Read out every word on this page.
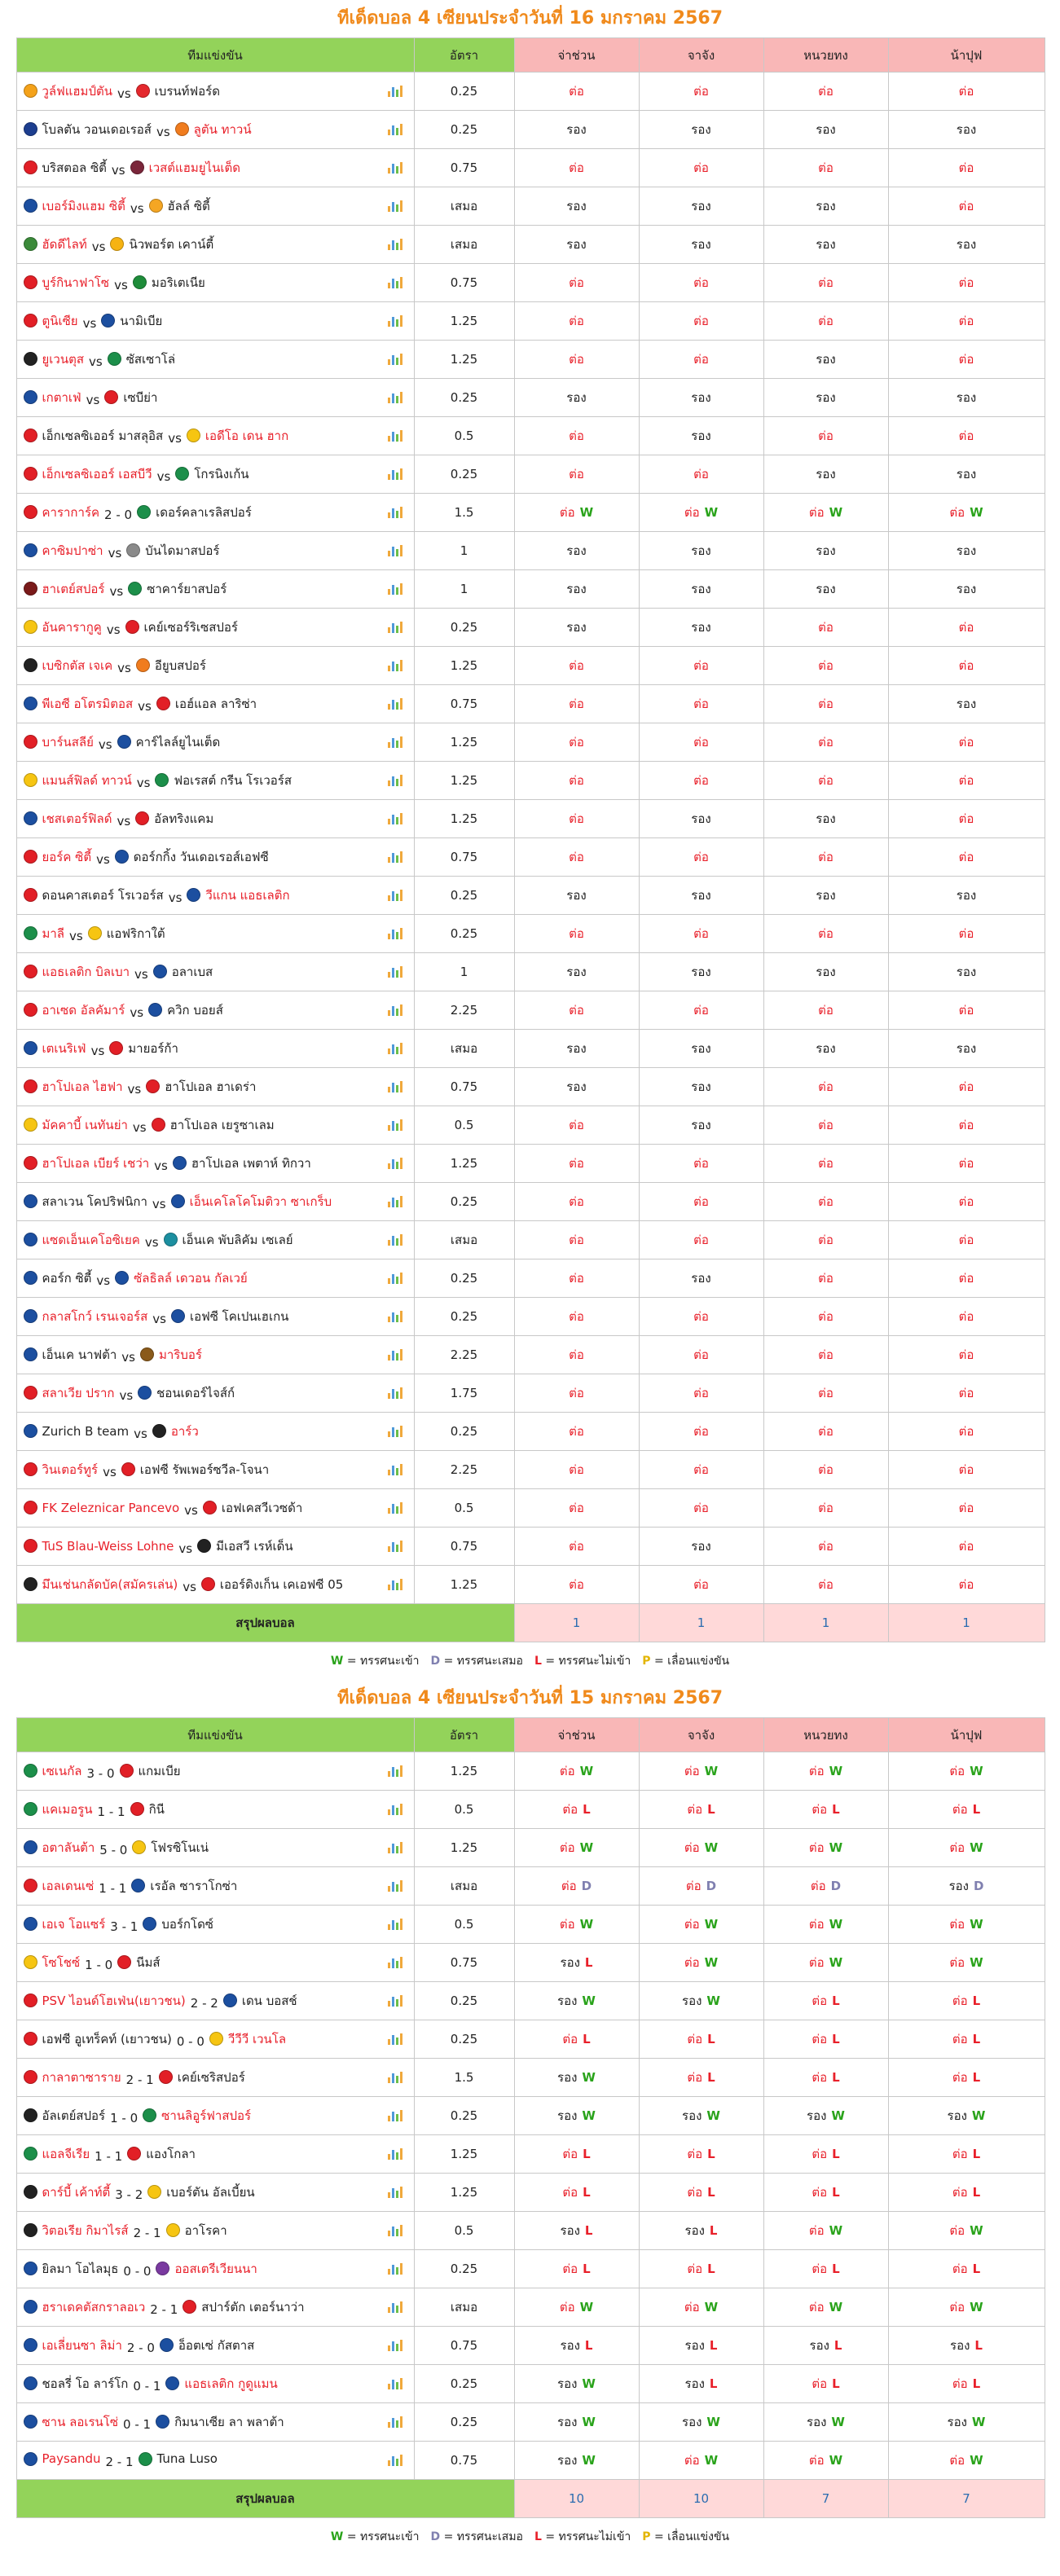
ทีเด็ดบอล 4 เซียนประจำวันที่ 16 มกราคม 2567
ทีมแข่งขัน	อัตรา	จ่าช่วน	จาจัง	หนวยทง	น้าปุฟ

วูล์ฟแฮมป์ตัน vs เบรนท์ฟอร์ด	0.25	ต่อ	ต่อ	ต่อ	ต่อ

โบลตัน วอนเดอเรอส์ vs ลูตัน ทาวน์	0.25	รอง	รอง	รอง	รอง

บริสตอล ซิตี้ vs เวสต์แฮมยูไนเต็ด	0.75	ต่อ	ต่อ	ต่อ	ต่อ

เบอร์มิงแฮม ซิตี้ vs ฮัลล์ ซิตี้	เสมอ	รอง	รอง	รอง	ต่อ

ฮัดดีไลท์ vs นิวพอร์ต เคาน์ตี้	เสมอ	รอง	รอง	รอง	รอง

บูร์กินาฟาโซ vs มอริเตเนีย	0.75	ต่อ	ต่อ	ต่อ	ต่อ

ตูนิเซีย vs นามิเบีย	1.25	ต่อ	ต่อ	ต่อ	ต่อ

ยูเวนตุส vs ซัสเซาโล่	1.25	ต่อ	ต่อ	รอง	ต่อ

เกตาเฟ่ vs เซบีย่า	0.25	รอง	รอง	รอง	รอง

เอ็กเซลซิเออร์ มาสลุอิส vs เอดีโอ เดน ฮาก	0.5	ต่อ	รอง	ต่อ	ต่อ

เอ็กเซลซิเออร์ เอสบีวี vs โกรนิงเก้น	0.25	ต่อ	ต่อ	รอง	รอง

คาราการ์ค 2 - 0 เดอร์คลาเรลิสปอร์	1.5	ต่อ W	ต่อ W	ต่อ W	ต่อ W

คาซิมปาซ่า vs บันไดมาสปอร์	1	รอง	รอง	รอง	รอง

ฮาเตย์สปอร์ vs ซาคาร์ยาสปอร์	1	รอง	รอง	รอง	รอง

อันคารากูคู vs เคย์เซอร์ริเซสปอร์	0.25	รอง	รอง	ต่อ	ต่อ

เบซิกตัส เจเค vs อียูบสปอร์	1.25	ต่อ	ต่อ	ต่อ	ต่อ

พีเอซี อโตรมิตอส vs เอฮ์แอล ลาริซ่า	0.75	ต่อ	ต่อ	ต่อ	รอง

บาร์นสลีย์ vs คาร์ไลล์ยูไนเต็ด	1.25	ต่อ	ต่อ	ต่อ	ต่อ

แมนส์ฟิลด์ ทาวน์ vs ฟอเรสต์ กรีน โรเวอร์ส	1.25	ต่อ	ต่อ	ต่อ	ต่อ

เชสเตอร์ฟิลด์ vs อัลทริงแคม	1.25	ต่อ	รอง	รอง	ต่อ

ยอร์ค ซิตี้ vs ดอร์กกิ้ง วันเดอเรอส์เอฟซี	0.75	ต่อ	ต่อ	ต่อ	ต่อ

ดอนคาสเตอร์ โรเวอร์ส vs วีแกน แอธเลติก	0.25	รอง	รอง	รอง	รอง

มาลี vs แอฟริกาใต้	0.25	ต่อ	ต่อ	ต่อ	ต่อ

แอธเลติก บิลเบา vs อลาเบส	1	รอง	รอง	รอง	รอง

อาเซด อัลคัมาร์ vs ควิก บอยส์	2.25	ต่อ	ต่อ	ต่อ	ต่อ

เตเนริเฟ่ vs มายอร์ก้า	เสมอ	รอง	รอง	รอง	รอง

ฮาโปเอล ไฮฟา vs ฮาโปเอล ฮาเดร่า	0.75	รอง	รอง	ต่อ	ต่อ

มัคคาบี้ เนทันย่า vs ฮาโปเอล เยรูซาเลม	0.5	ต่อ	รอง	ต่อ	ต่อ

ฮาโปเอล เบียร์ เชว่า vs ฮาโปเอล เพตาห์ ทิกวา	1.25	ต่อ	ต่อ	ต่อ	ต่อ

สลาเวน โคปริฟนิกา vs เอ็นเคโลโคโมติวา ซาเกร็บ	0.25	ต่อ	ต่อ	ต่อ	ต่อ

แซดเอ็นเคโอซิเยค vs เอ็นเค พับลิคัม เซเลย์	เสมอ	ต่อ	ต่อ	ต่อ	ต่อ

คอร์ก ซิตี้ vs ซัลธิลล์ เดวอน กัลเวย์	0.25	ต่อ	รอง	ต่อ	ต่อ

กลาสโกว์ เรนเจอร์ส vs เอฟซี โคเปนเฮเกน	0.25	ต่อ	ต่อ	ต่อ	ต่อ

เอ็นเค นาฟต้า vs มาริบอร์	2.25	ต่อ	ต่อ	ต่อ	ต่อ

สลาเวีย ปราก vs ชอนเดอร์ไจส์ก์	1.75	ต่อ	ต่อ	ต่อ	ต่อ

Zurich B team vs อาร์ว	0.25	ต่อ	ต่อ	ต่อ	ต่อ

วินเตอร์ทูร์ vs เอฟซี รัพเพอร์ซวีล-โจนา	2.25	ต่อ	ต่อ	ต่อ	ต่อ

FK Zeleznicar Pancevo vs เอฟเคสวีเวซด้า	0.5	ต่อ	ต่อ	ต่อ	ต่อ

TuS Blau-Weiss Lohne vs มีเอสวี เรห์เด็น	0.75	ต่อ	รอง	ต่อ	ต่อ

มึนเช่นกลัดบัค(สมัครเล่น) vs เออร์ดิงเก็น เคเอฟซี 05	1.25	ต่อ	ต่อ	ต่อ	ต่อ
สรุปผลบอล		1	1	1	1
W = ทรรศนะเข้า D = ทรรศนะเสมอ L = ทรรศนะไม่เข้า P = เลื่อนแข่งขัน
ทีเด็ดบอล 4 เซียนประจำวันที่ 15 มกราคม 2567
ทีมแข่งขัน	อัตรา	จ่าช่วน	จาจัง	หนวยทง	น้าปุฟ

เซเนกัล 3 - 0 แกมเบีย	1.25	ต่อ W	ต่อ W	ต่อ W	ต่อ W

แคเมอรูน 1 - 1 กินี	0.5	ต่อ L	ต่อ L	ต่อ L	ต่อ L

อตาลันต้า 5 - 0 โฟรซิโนเน่	1.25	ต่อ W	ต่อ W	ต่อ W	ต่อ W

เอลเดนเซ่ 1 - 1 เรอัล ซาราโกซ่า	เสมอ	ต่อ D	ต่อ D	ต่อ D	รอง D

เอเจ โอแซร์ 3 - 1 บอร์กโดซ์	0.5	ต่อ W	ต่อ W	ต่อ W	ต่อ W

โซโชซ์ 1 - 0 นีมส์	0.75	รอง L	ต่อ W	ต่อ W	ต่อ W

PSV ไอนด์โฮเฟ่น(เยาวชน) 2 - 2 เดน บอสช์	0.25	รอง W	รอง W	ต่อ L	ต่อ L

เอฟซี อูเทร็คท์ (เยาวชน) 0 - 0 วีวีวี เวนโล	0.25	ต่อ L	ต่อ L	ต่อ L	ต่อ L

กาลาตาซาราย 2 - 1 เคย์เซริสปอร์	1.5	รอง W	ต่อ L	ต่อ L	ต่อ L

อัลเตย์สปอร์ 1 - 0 ซานลิอูร์ฟาสปอร์	0.25	รอง W	รอง W	รอง W	รอง W

แอลจีเรีย 1 - 1 แองโกลา	1.25	ต่อ L	ต่อ L	ต่อ L	ต่อ L

ดาร์บี้ เค้าท์ตี้ 3 - 2 เบอร์ตัน อัลเบี้ยน	1.25	ต่อ L	ต่อ L	ต่อ L	ต่อ L

วิตอเรีย กิมาไรส์ 2 - 1 อาโรคา	0.5	รอง L	รอง L	ต่อ W	ต่อ W

ยิลมา โอไลมุธ 0 - 0 ออสเตรีเวียนนา	0.25	ต่อ L	ต่อ L	ต่อ L	ต่อ L

ฮราเดคตัสกราลอเว 2 - 1 สปาร์ตัก เตอร์นาว่า	เสมอ	ต่อ W	ต่อ W	ต่อ W	ต่อ W

เอเลี่ยนซา ลิม่า 2 - 0 อ็อตเซ่ กัสตาส	0.75	รอง L	รอง L	รอง L	รอง L

ชอลรี่ โอ ลาร์โก 0 - 1 แอธเลติก กูดูแมน	0.25	รอง W	รอง L	ต่อ L	ต่อ L

ซาน ลอเรนโซ่ 0 - 1 กิมนาเซีย ลา พลาต้า	0.25	รอง W	รอง W	รอง W	รอง W

Paysandu 2 - 1 Tuna Luso	0.75	รอง W	ต่อ W	ต่อ W	ต่อ W
สรุปผลบอล		10	10	7	7
W = ทรรศนะเข้า D = ทรรศนะเสมอ L = ทรรศนะไม่เข้า P = เลื่อนแข่งขัน
